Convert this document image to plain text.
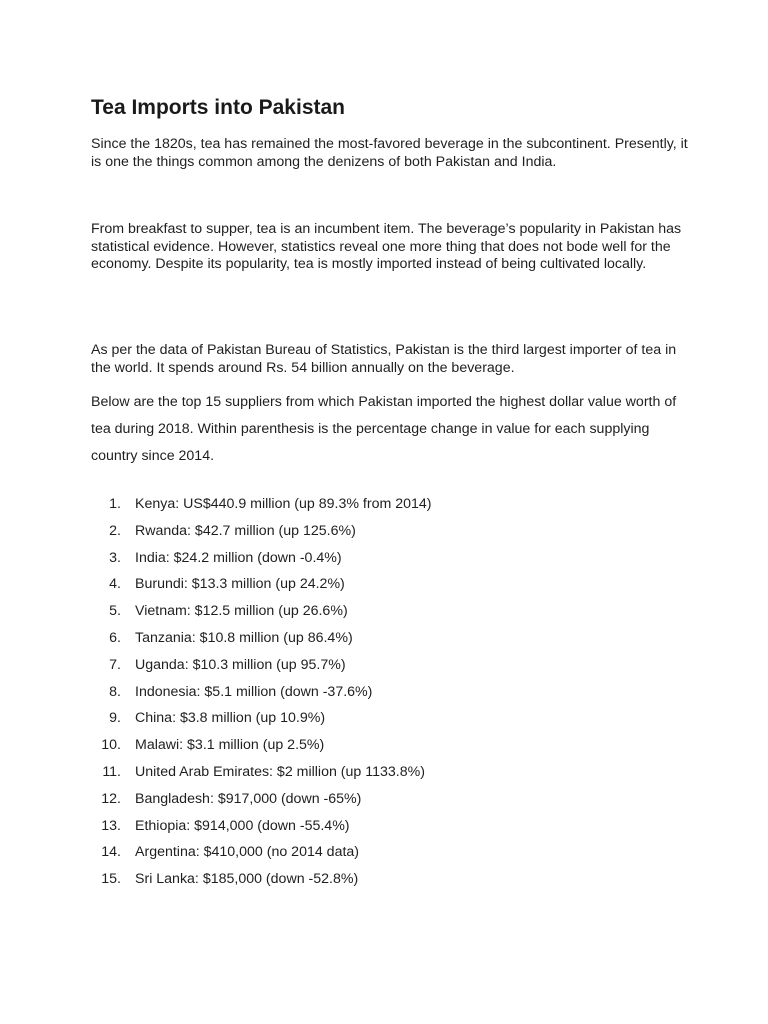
Tea Imports into Pakistan

Since the 1820s, tea has remained the most-favored beverage in the subcontinent. Presently, it is one the things common among the denizens of both Pakistan and India.

From breakfast to supper, tea is an incumbent item. The beverage’s popularity in Pakistan has statistical evidence. However, statistics reveal one more thing that does not bode well for the economy. Despite its popularity, tea is mostly imported instead of being cultivated locally.

As per the data of Pakistan Bureau of Statistics, Pakistan is the third largest importer of tea in the world. It spends around Rs. 54 billion annually on the beverage.

Below are the top 15 suppliers from which Pakistan imported the highest dollar value worth of tea during 2018. Within parenthesis is the percentage change in value for each supplying country since 2014.

1. Kenya: US$440.9 million (up 89.3% from 2014)
2. Rwanda: $42.7 million (up 125.6%)
3. India: $24.2 million (down -0.4%)
4. Burundi: $13.3 million (up 24.2%)
5. Vietnam: $12.5 million (up 26.6%)
6. Tanzania: $10.8 million (up 86.4%)
7. Uganda: $10.3 million (up 95.7%)
8. Indonesia: $5.1 million (down -37.6%)
9. China: $3.8 million (up 10.9%)
10. Malawi: $3.1 million (up 2.5%)
11. United Arab Emirates: $2 million (up 1133.8%)
12. Bangladesh: $917,000 (down -65%)
13. Ethiopia: $914,000 (down -55.4%)
14. Argentina: $410,000 (no 2014 data)
15. Sri Lanka: $185,000 (down -52.8%)
